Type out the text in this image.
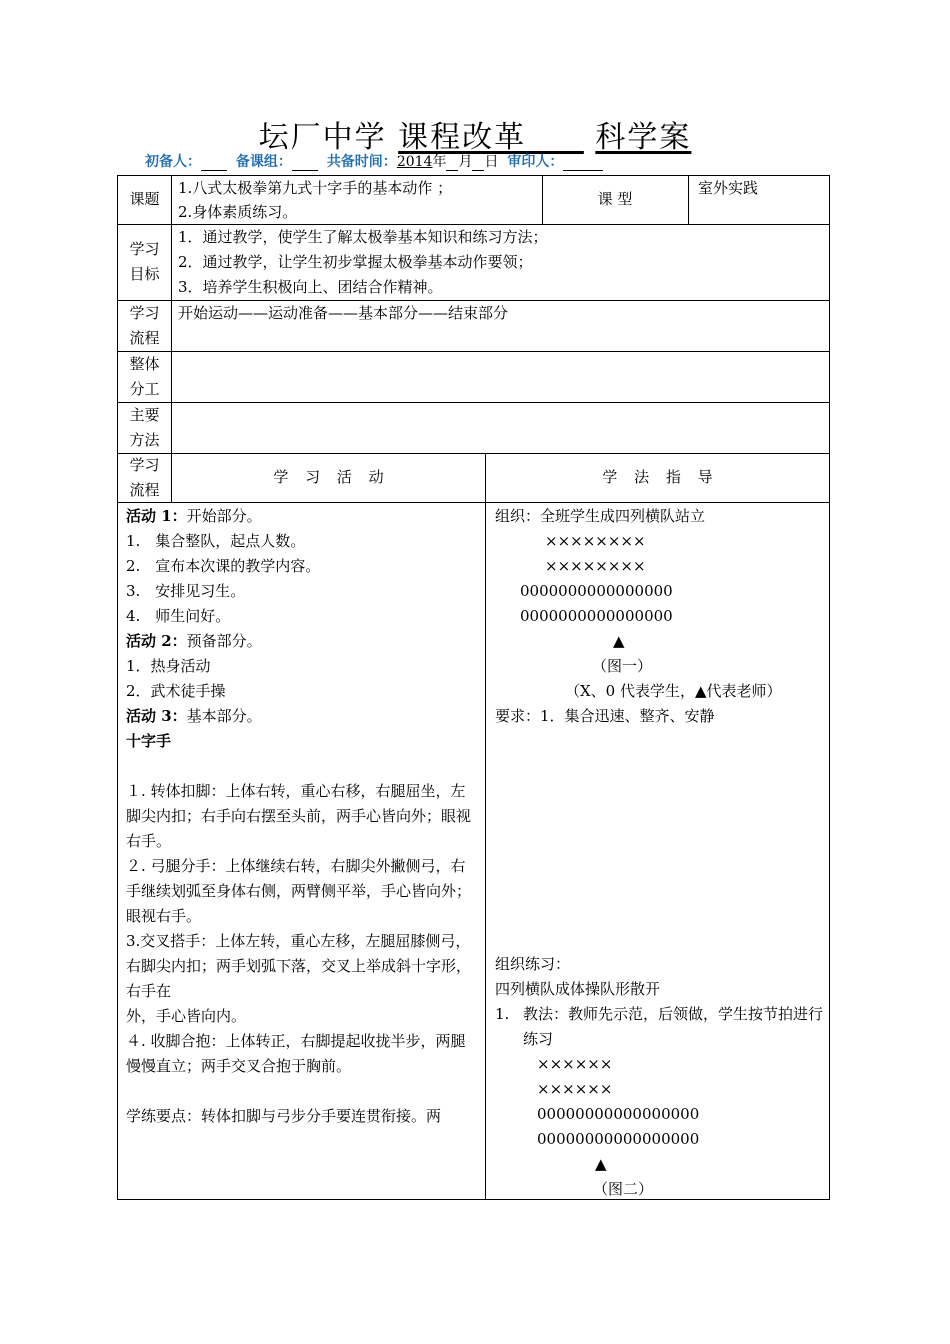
坛厂中学 课程改革 科学案
初备人： 备课组： 共备时间：2014年 月 日 审印人：
课题
1.八式太极拳第九式十字手的基本动作 ；
2.身体素质练习。
课 型
室外实践
学习
目标
1．通过教学，使学生了解太极拳基本知识和练习方法；
2．通过教学，让学生初步掌握太极拳基本动作要领；
3．培养学生积极向上、团结合作精神。
学习
流程
开始运动——运动准备——基本部分——结束部分
整体
分工
主要
方法
学习
流程
学 习 活 动	学 法 指 导
活动 1：开始部分。
1.　集合整队，起点人数。
2.　宣布本次课的教学内容。
3.　安排见习生。
4.　师生问好。
活动 2：预备部分。
1．热身活动
2．武术徒手操
活动 3：基本部分。
十字手

１. 转体扣脚：上体右转，重心右移，右腿屈坐，左脚尖内扣；右手向右摆至头前，两手心皆向外；眼视右手。
２. 弓腿分手：上体继续右转，右脚尖外撇侧弓，右手继续划弧至身体右侧，两臂侧平举，手心皆向外；眼视右手。
3.交叉搭手：上体左转，重心左移，左腿屈膝侧弓，右脚尖内扣；两手划弧下落，交叉上举成斜十字形，右手在
外，手心皆向内。
４. 收脚合抱：上体转正，右脚提起收拢半步，两腿慢慢直立；两手交叉合抱于胸前。

学练要点：转体扣脚与弓步分手要连贯衔接。两
组织：全班学生成四列横队站立
××××××××
××××××××
0000000000000000
0000000000000000
▲
（图一）
（X、0 代表学生，▲代表老师）
要求：1．集合迅速、整齐、安静
组织练习：
四列横队成体操队形散开
1. 教法：教师先示范，后领做，学生按节拍进行练习
××××××
××××××
00000000000000000
00000000000000000
▲
（图二）
